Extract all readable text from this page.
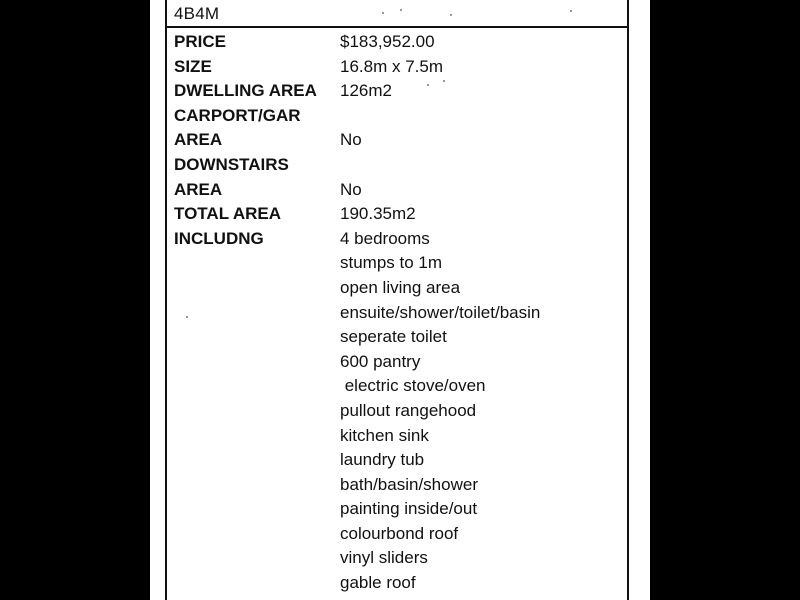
4B4M
PRICE	$183,952.00
SIZE	16.8m x 7.5m
DWELLING AREA 126m2
CARPORT/GAR
AREA	No
DOWNSTAIRS
AREA	No
TOTAL AREA	190.35m2
INCLUDNG	4 bedrooms
stumps to 1m
open living area
ensuite/shower/toilet/basin
seperate toilet
600 pantry
electric stove/oven
pullout rangehood
kitchen sink
laundry tub
bath/basin/shower
painting inside/out
colourbond roof
vinyl sliders
gable roof
